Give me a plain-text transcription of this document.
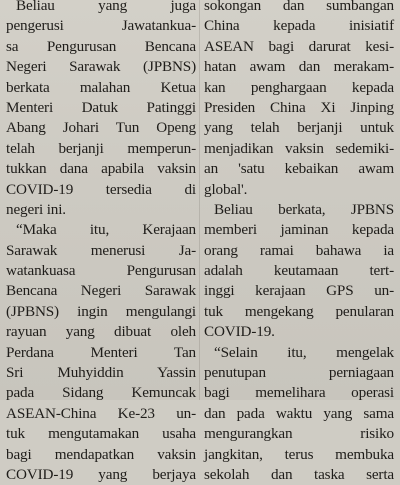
Beliau yang juga
pengerusi Jawatankua-
sa Pengurusan Bencana
Negeri Sarawak (JPBNS)
berkata malahan Ketua
Menteri Datuk Patinggi
Abang Johari Tun Openg
telah berjanji memperun-
tukkan dana apabila vaksin
COVID-19 tersedia di
negeri ini.
“Maka itu, Kerajaan
Sarawak menerusi Ja-
watankuasa Pengurusan
Bencana Negeri Sarawak
(JPBNS) ingin mengulangi
rayuan yang dibuat oleh
Perdana Menteri Tan
Sri Muhyiddin Yassin
pada Sidang Kemuncak
ASEAN-China Ke-23 un-
tuk mengutamakan usaha
bagi mendapatkan vaksin
COVID-19 yang berjaya
sokongan dan sumbangan
China kepada inisiatif
ASEAN bagi darurat kesi-
hatan awam dan merakam-
kan penghargaan kepada
Presiden China Xi Jinping
yang telah berjanji untuk
menjadikan vaksin sedemiki-
an 'satu kebaikan awam
global'.
Beliau berkata, JPBNS
memberi jaminan kepada
orang ramai bahawa ia
adalah keutamaan tert-
inggi kerajaan GPS un-
tuk mengekang penularan
COVID-19.
“Selain itu, mengelak
penutupan perniagaan
bagi memelihara operasi
dan pada waktu yang sama
mengurangkan risiko
jangkitan, terus membuka
sekolah dan taska serta
